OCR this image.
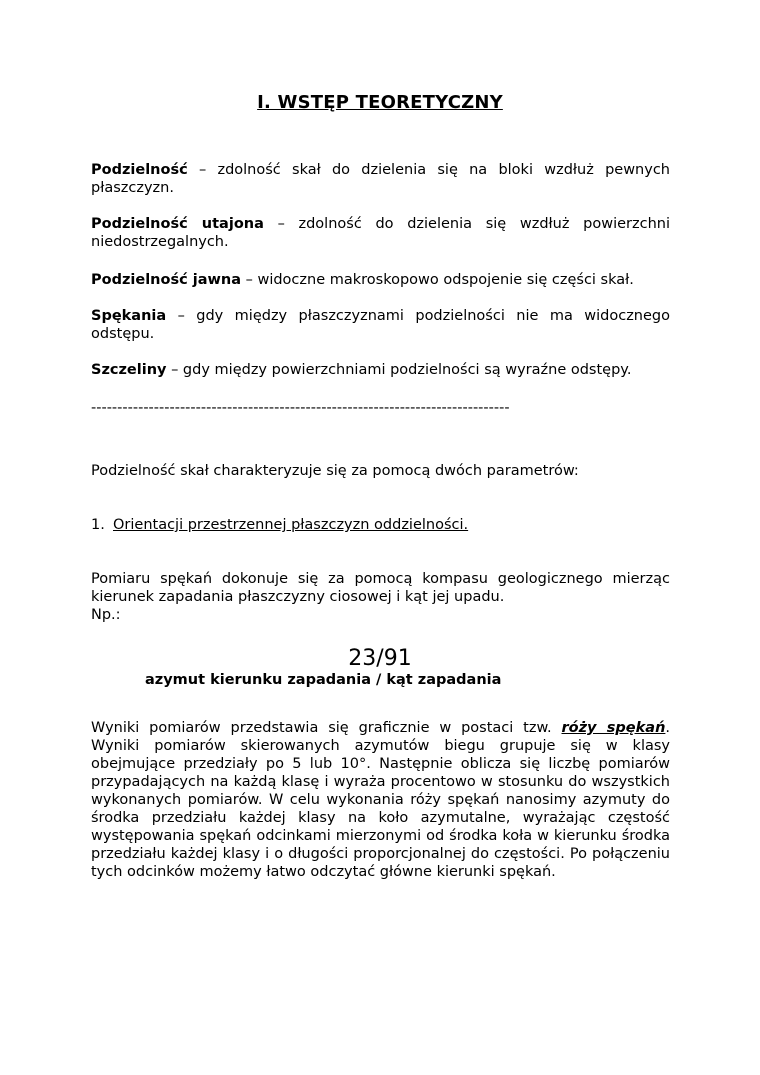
I. WSTĘP TEORETYCZNY
Podzielność – zdolność skał do dzielenia się na bloki wzdłuż pewnych płaszczyzn.
Podzielność utajona – zdolność do dzielenia się wzdłuż powierzchni niedostrzegalnych.
Podzielność jawna – widoczne makroskopowo odspojenie się części skał.
Spękania – gdy między płaszczyznami podzielności nie ma widocznego odstępu.
Szczeliny – gdy między powierzchniami podzielności są wyraźne odstępy.
--------------------------------------------------------------------------------
Podzielność skał charakteryzuje się za pomocą dwóch parametrów:
1. Orientacji przestrzennej płaszczyzn oddzielności.
Pomiaru spękań dokonuje się za pomocą kompasu geologicznego mierząc kierunek zapadania płaszczyzny ciosowej i kąt jej upadu.
Np.:
23/91
azymut kierunku zapadania / kąt zapadania
Wyniki pomiarów przedstawia się graficznie w postaci tzw. róży spękań. Wyniki pomiarów skierowanych azymutów biegu grupuje się w klasy obejmujące przedziały po 5 lub 10°. Następnie oblicza się liczbę pomiarów przypadających na każdą klasę i wyraża procentowo w stosunku do wszystkich wykonanych pomiarów. W celu wykonania róży spękań nanosimy azymuty do środka przedziału każdej klasy na koło azymutalne, wyrażając częstość występowania spękań odcinkami mierzonymi od środka koła w kierunku środka przedziału każdej klasy i o długości proporcjonalnej do częstości. Po połączeniu tych odcinków możemy łatwo odczytać główne kierunki spękań.
